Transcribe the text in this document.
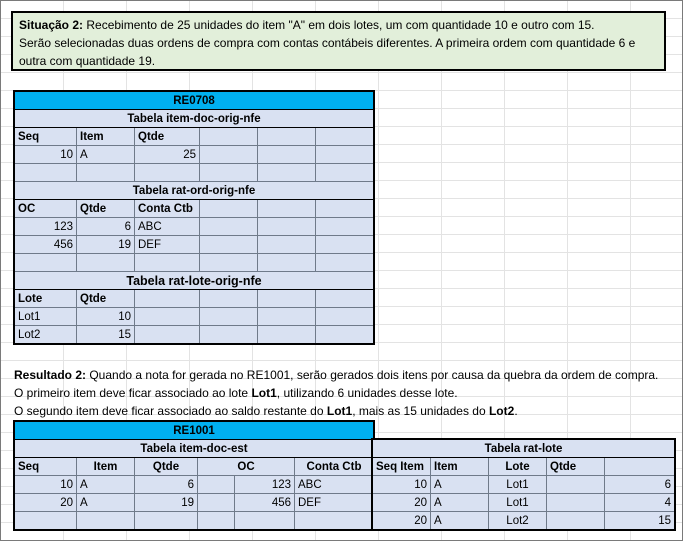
Situação 2: Recebimento de 25 unidades do item "A" em dois lotes, um com quantidade 10 e outro com 15.

Serão selecionadas duas ordens de compra com contas contábeis diferentes. A primeira ordem com quantidade 6 e

outra com quantidade 19.

RE0708					
Tabela item-doc-orig-nfe					
Seq	Item	Qtde			
10	A	25			

Tabela rat-ord-orig-nfe					
OC	Qtde	Conta Ctb			
123	6	ABC			
456	19	DEF			

Tabela rat-lote-orig-nfe					
Lote	Qtde				
Lot1	10				
Lot2	15				

Resultado 2: Quando a nota for gerada no RE1001, serão gerados dois itens por causa da quebra da ordem de compra.

O primeiro item deve ficar associado ao lote Lot1, utilizando 6 unidades desse lote.

O segundo item deve ficar associado ao saldo restante do Lot1, mais as 15 unidades do Lot2.

RE1001					
Tabela item-doc-est					
Seq	Item	Qtde	OC		Conta Ctb
10	A	6		123	ABC
20	A	19		456	DEF

Tabela rat-lote				
Seq Item	Item	Lote	Qtde	
10	A	Lot1		6
20	A	Lot1		4
20	A	Lot2		15
